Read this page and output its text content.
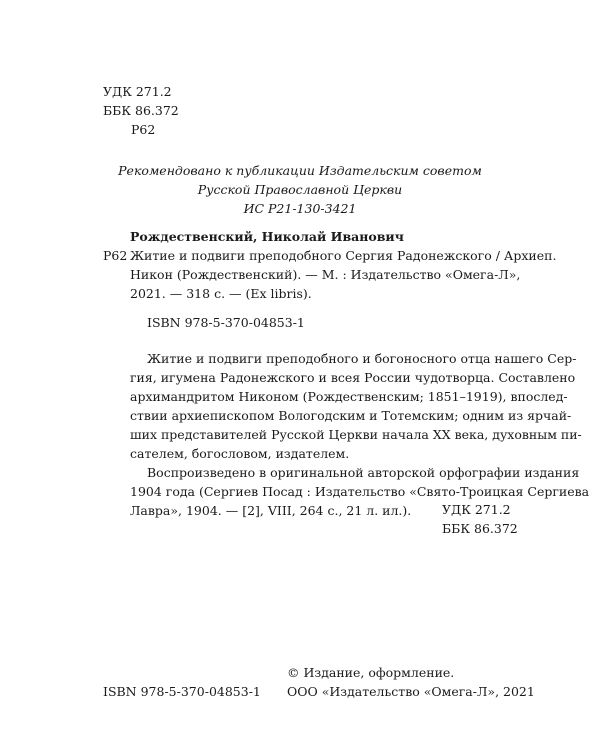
УДК 271.2
ББК 86.372
Р62
Рекомендовано к публикации Издательским советом
Русской Православной Церкви
ИС Р21-130-3421
Рождественский, Николай Иванович
Р62 Житие и подвиги преподобного Сергия Радонежского / Архиеп.
Никон (Рождественский). — М. : Издательство «Омега-Л»,
2021. — 318 с. — (Ex libris).
ISBN 978-5-370-04853-1
Житие и подвиги преподобного и богоносного отца нашего Сер-
гия, игумена Радонежского и всея России чудотворца. Составлено
архимандритом Никоном (Рождественским; 1851–1919), впослед-
ствии архиепископом Вологодским и Тотемским; одним из ярчай-
ших представителей Русской Церкви начала XX века, духовным пи-
сателем, богословом, издателем.
Воспроизведено в оригинальной авторской орфографии издания
1904 года (Сергиев Посад : Издательство «Свято-Троицкая Сергиева
Лавра», 1904. — [2], VIII, 264 с., 21 л. ил.).	УДК 271.2
ББК 86.372
© Издание, оформление.
ООО «Издательство «Омега-Л», 2021
ISBN 978-5-370-04853-1
